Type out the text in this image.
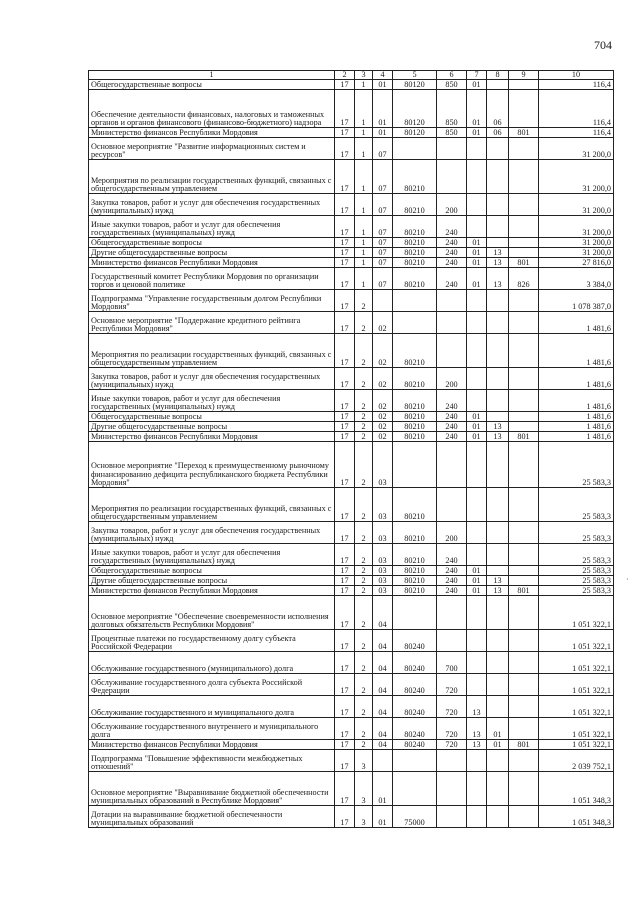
704
1	2	3	4	5	6	7	8	9	10
Общегосударственные вопросы	17	1	01	80120	850	01			116,4
Обеспечение деятельности финансовых, налоговых и таможенных органов и органов финансового (финансово-бюджетного) надзора	17	1	01	80120	850	01	06		116,4
Министерство финансов Республики Мордовия	17	1	01	80120	850	01	06	801	116,4
Основное мероприятие "Развитие информационных систем и ресурсов"	17	1	07						31 200,0
Мероприятия по реализации государственных функций, связанных с общегосударственным управлением	17	1	07	80210					31 200,0
Закупка товаров, работ и услуг для обеспечения государственных (муниципальных) нужд	17	1	07	80210	200				31 200,0
Иные закупки товаров, работ и услуг для обеспечения государственных (муниципальных) нужд	17	1	07	80210	240				31 200,0
Общегосударственные вопросы	17	1	07	80210	240	01			31 200,0
Другие общегосударственные вопросы	17	1	07	80210	240	01	13		31 200,0
Министерство финансов Республики Мордовия	17	1	07	80210	240	01	13	801	27 816,0
Государственный комитет Республики Мордовия по организации торгов и ценовой политике	17	1	07	80210	240	01	13	826	3 384,0
Подпрограмма "Управление государственным долгом Республики Мордовия"	17	2							1 078 387,0
Основное мероприятие "Поддержание кредитного рейтинга Республики Мордовия"	17	2	02						1 481,6
Мероприятия по реализации государственных функций, связанных с общегосударственным управлением	17	2	02	80210					1 481,6
Закупка товаров, работ и услуг для обеспечения государственных (муниципальных) нужд	17	2	02	80210	200				1 481,6
Иные закупки товаров, работ и услуг для обеспечения государственных (муниципальных) нужд	17	2	02	80210	240				1 481,6
Общегосударственные вопросы	17	2	02	80210	240	01			1 481,6
Другие общегосударственные вопросы	17	2	02	80210	240	01	13		1 481,6
Министерство финансов Республики Мордовия	17	2	02	80210	240	01	13	801	1 481,6
Основное мероприятие "Переход к преимущественному рыночному финансированию дефицита республиканского бюджета Республики Мордовия"	17	2	03						25 583,3
Мероприятия по реализации государственных функций, связанных с общегосударственным управлением	17	2	03	80210					25 583,3
Закупка товаров, работ и услуг для обеспечения государственных (муниципальных) нужд	17	2	03	80210	200				25 583,3
Иные закупки товаров, работ и услуг для обеспечения государственных (муниципальных) нужд	17	2	03	80210	240				25 583,3
Общегосударственные вопросы	17	2	03	80210	240	01			25 583,3
Другие общегосударственные вопросы	17	2	03	80210	240	01	13		25 583,3
Министерство финансов Республики Мордовия	17	2	03	80210	240	01	13	801	25 583,3
Основное мероприятие "Обеспечение своевременности исполнения долговых обязательств Республики Мордовия"	17	2	04						1 051 322,1
Процентные платежи по государственному долгу субъекта Российской Федерации	17	2	04	80240					1 051 322,1
Обслуживание государственного (муниципального) долга	17	2	04	80240	700				1 051 322,1
Обслуживание государственного долга субъекта Российской Федерации	17	2	04	80240	720				1 051 322,1
Обслуживание государственного и муниципального долга	17	2	04	80240	720	13			1 051 322,1
Обслуживание государственного внутреннего и муниципального долга	17	2	04	80240	720	13	01		1 051 322,1
Министерство финансов Республики Мордовия	17	2	04	80240	720	13	01	801	1 051 322,1
Подпрограмма "Повышение эффективности межбюджетных отношений"	17	3							2 039 752,1
Основное мероприятие "Выравнивание бюджетной обеспеченности муниципальных образований в Республике Мордовия"	17	3	01						1 051 348,3
Дотации на выравнивание бюджетной обеспеченности муниципальных образований	17	3	01	75000					1 051 348,3
·
